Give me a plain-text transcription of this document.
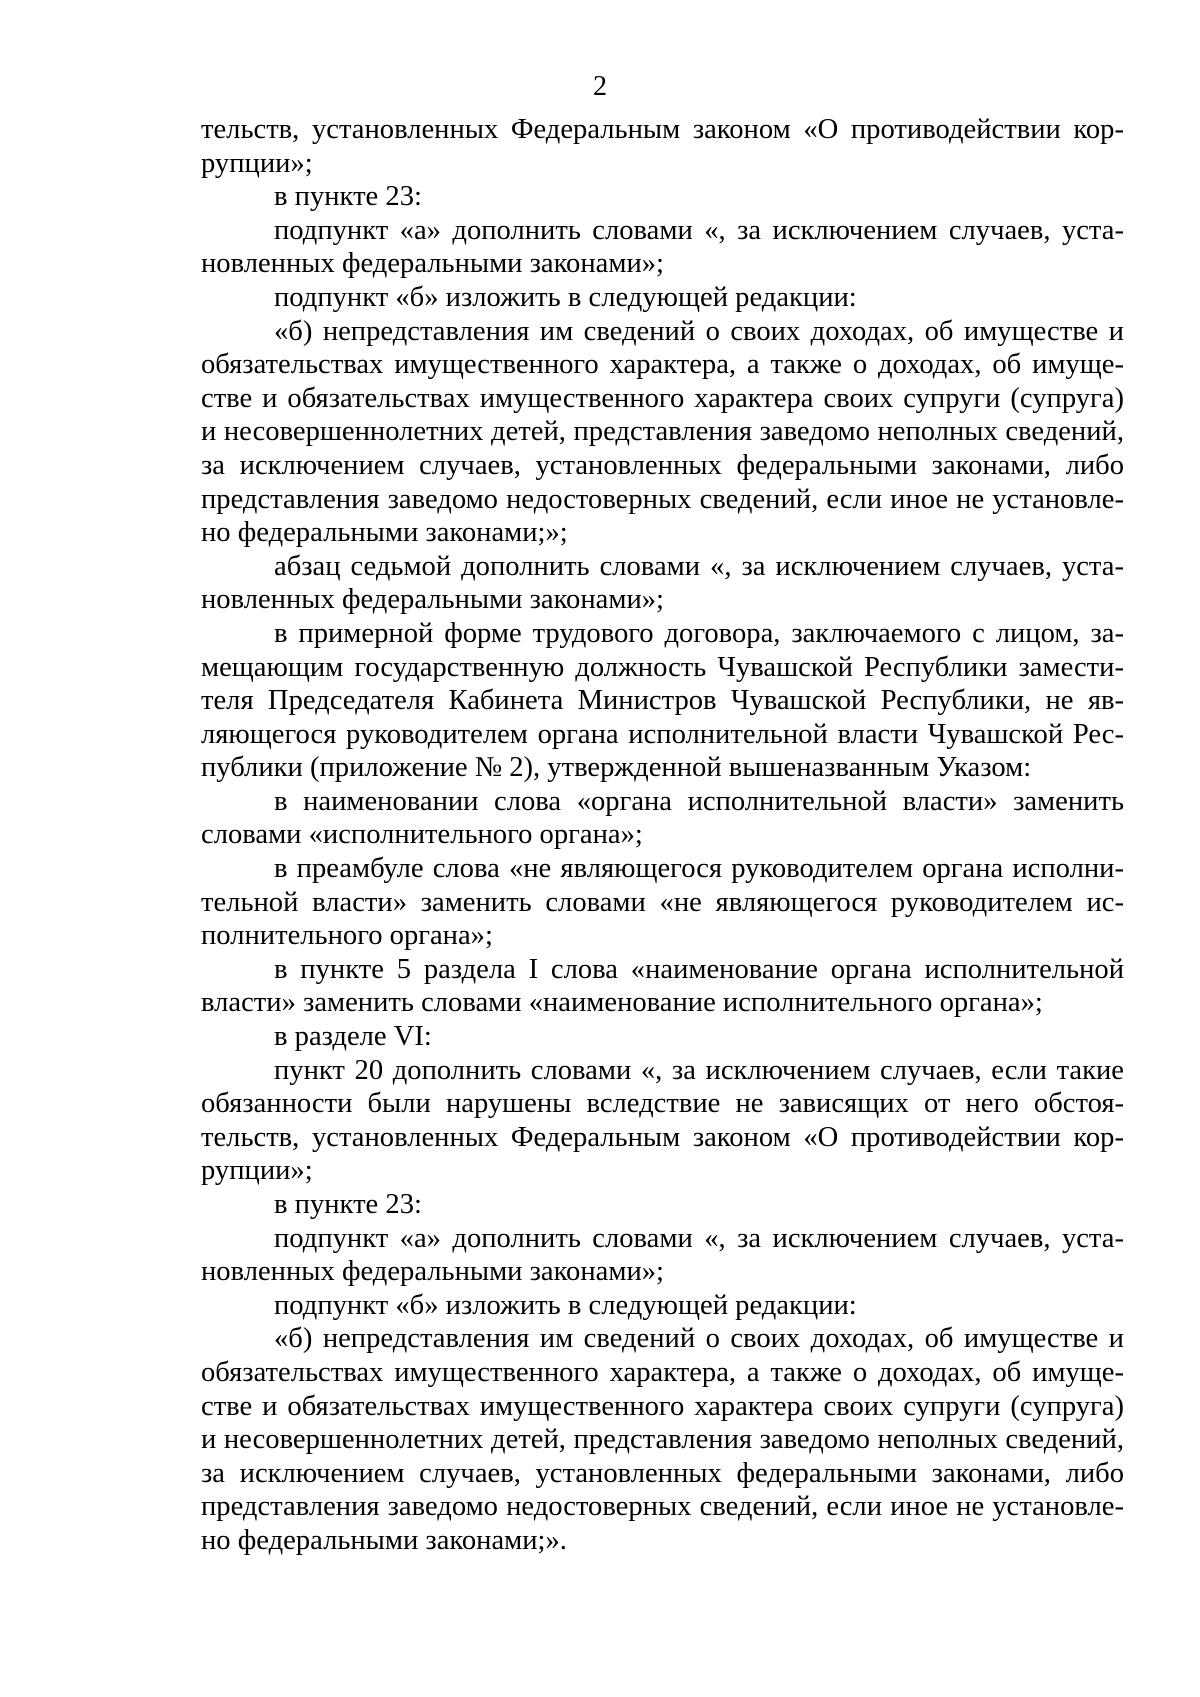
2
тельств, установленных Федеральным законом «О противодействии кор-
рупции»;
в пункте 23:
подпункт «а» дополнить словами «, за исключением случаев, уста-
новленных федеральными законами»;
подпункт «б» изложить в следующей редакции:
«б) непредставления им сведений о своих доходах, об имуществе и
обязательствах имущественного характера, а также о доходах, об имуще-
стве и обязательствах имущественного характера своих супруги (супруга)
и несовершеннолетних детей, представления заведомо неполных сведений,
за исключением случаев, установленных федеральными законами, либо
представления заведомо недостоверных сведений, если иное не установле-
но федеральными законами;»;
абзац седьмой дополнить словами «, за исключением случаев, уста-
новленных федеральными законами»;
в примерной форме трудового договора, заключаемого с лицом, за-
мещающим государственную должность Чувашской Республики замести-
теля Председателя Кабинета Министров Чувашской Республики, не яв-
ляющегося руководителем органа исполнительной власти Чувашской Рес-
публики (приложение № 2), утвержденной вышеназванным Указом:
в наименовании слова «органа исполнительной власти» заменить
словами «исполнительного органа»;
в преамбуле слова «не являющегося руководителем органа исполни-
тельной власти» заменить словами «не являющегося руководителем ис-
полнительного органа»;
в пункте 5 раздела I слова «наименование органа исполнительной
власти» заменить словами «наименование исполнительного органа»;
в разделе VI:
пункт 20 дополнить словами «, за исключением случаев, если такие
обязанности были нарушены вследствие не зависящих от него обстоя-
тельств, установленных Федеральным законом «О противодействии кор-
рупции»;
в пункте 23:
подпункт «а» дополнить словами «, за исключением случаев, уста-
новленных федеральными законами»;
подпункт «б» изложить в следующей редакции:
«б) непредставления им сведений о своих доходах, об имуществе и
обязательствах имущественного характера, а также о доходах, об имуще-
стве и обязательствах имущественного характера своих супруги (супруга)
и несовершеннолетних детей, представления заведомо неполных сведений,
за исключением случаев, установленных федеральными законами, либо
представления заведомо недостоверных сведений, если иное не установле-
но федеральными законами;».
